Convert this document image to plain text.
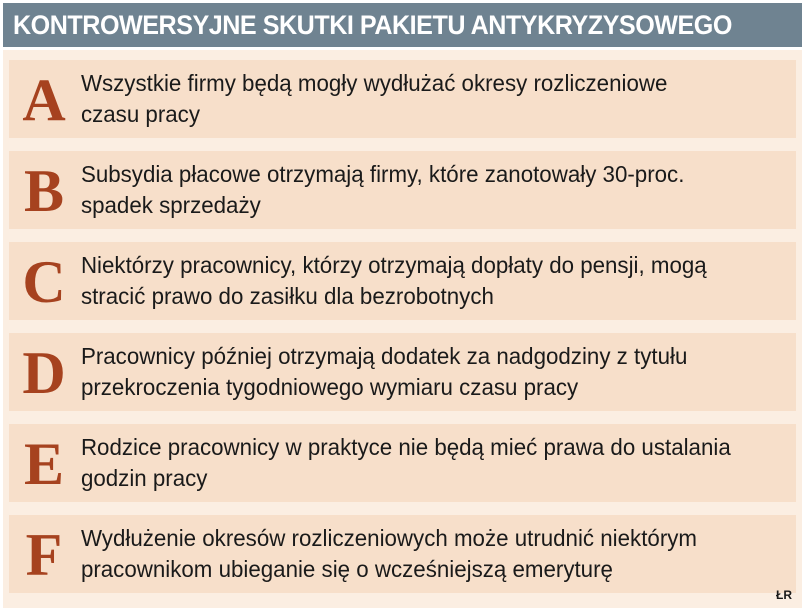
KONTROWERSYJNE SKUTKI PAKIETU ANTYKRYZYSOWEGO
A Wszystkie firmy będą mogły wydłużać okresy rozliczeniowe
czasu pracy
B Subsydia płacowe otrzymają firmy, które zanotowały 30-proc.
spadek sprzedaży
C Niektórzy pracownicy, którzy otrzymają dopłaty do pensji, mogą
stracić prawo do zasiłku dla bezrobotnych
D Pracownicy później otrzymają dodatek za nadgodziny z tytułu
przekroczenia tygodniowego wymiaru czasu pracy
E Rodzice pracownicy w praktyce nie będą mieć prawa do ustalania
godzin pracy
F Wydłużenie okresów rozliczeniowych może utrudnić niektórym
pracownikom ubieganie się o wcześniejszą emeryturę
ŁR
